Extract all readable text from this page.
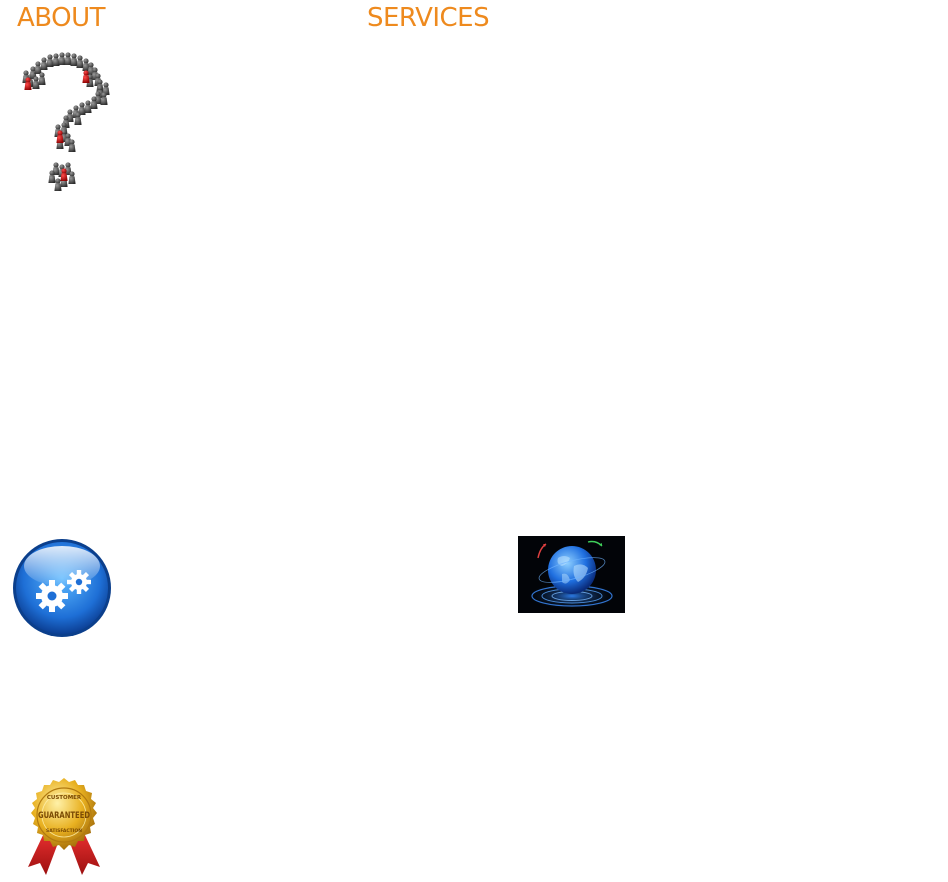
ABOUT	SERVICES
CUSTOMER
GUARANTEED
SATISFACTION
